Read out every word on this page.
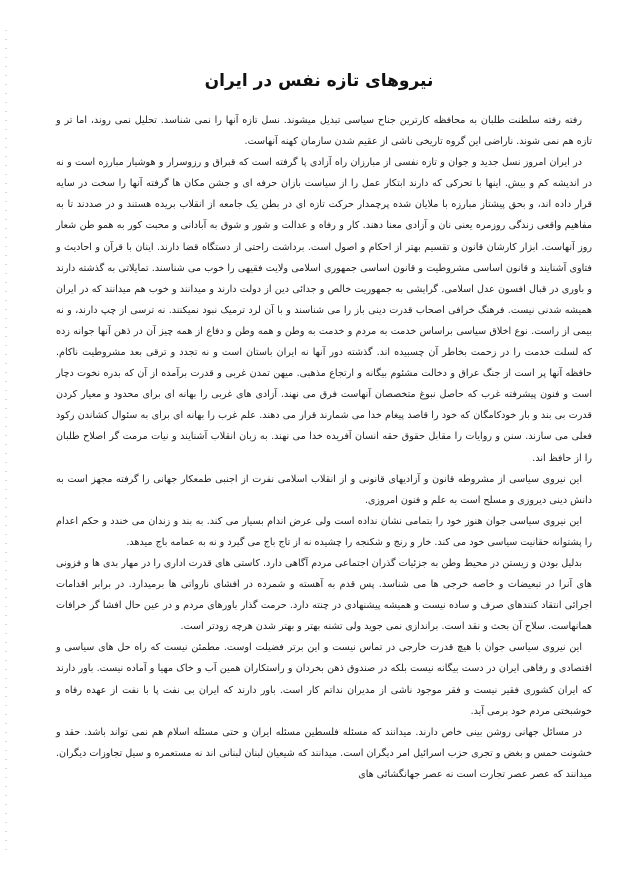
نیروهای تازه نفس در ایران

رفته رفته سلطنت طلبان به محافظه کارترین جناح سیاسی تبدیل میشوند. نسل تازه آنها را نمی شناسد. تحلیل نمی روند، اما تر و تازه هم نمی شوند. ناراضی این گروه تاریخی ناشی از عقیم شدن سازمان کهنه آنهاست.

در ایران امروز نسل جدید و جوان و تازه نفسی از مبارزان راه آزادی پا گرفته است که قبراق و رزوسرار و هوشیار مبارزه است و نه در اندیشه کم و بیش. اینها با تحرکی که دارند ابتکار عمل را از سیاست بازان حرفه ای و جشن مکان ها گرفته آنها را سخت در سایه قرار داده اند، و بحق پیشتاز مبارزه با ملایان شده پرچمدار حرکت تازه ای در بطن یک جامعه از انقلاب بریده هستند و در صددند تا به مفاهیم واقعی زندگی روزمره یعنی نان و آزادی معنا دهند. کار و رفاه و عدالت و شور و شوق به آبادانی و محبت کور به همو طن شعار روز آنهاست. ابزار کارشان قانون و تقسیم بهتر از احکام و اصول است. برداشت راحتی از دستگاه قضا دارند. اینان با قرآن و احادیث و فتاوی آشنایند و قانون اساسی مشروطیت و قانون اساسی جمهوری اسلامی ولایت فقیهی را خوب می شناسند. تمایلاتی به گذشته دارند و باوری در قبال افسون عدل اسلامی. گرایشی به جمهوریت خالص و جدائی دین از دولت دارند و میدانند و خوب هم میدانند که در ایران همیشه شدنی نیست. فرهنگ خرافی اصحاب قدرت دینی باز را می شناسند و با آن لرد ترمیک نبود نمیکنند. نه ترسی از چپ دارند، و نه بیمی از راست. نوع اخلاق سیاسی براساس خدمت به مردم و خدمت به وطن و همه وطن و دفاع از همه چیز آن در ذهن آنها جوانه زده که لسلت خدمت را در زحمت بخاطر آن چسبیده اند. گذشته دور آنها نه ایران باستان است و نه تجدد و ترقی بعد مشروطیت ناکام. حافظه آنها پر است از جنگ عراق و دخالت مشئوم بیگانه و ارتجاع مذهبی. میهن تمدن غربی و قدرت برآمده از آن که بدره نخوت دچار است و فنون پیشرفته غرب که حاصل نبوغ متخصصان آنهاست فرق می نهند. آزادی های غربی را بهانه ای برای محدود و معیار کردن قدرت بی بند و بار خودکامگان که خود را قاصد پیغام خدا می شمارند قرار می دهند. علم غرب را بهانه ای برای به سئوال کشاندن رکود فعلی می سازند. سنن و روایات را مقابل حقوق حقه انسان آفریده خدا می نهند. به زبان انقلاب آشنایند و نیات مرمت گر اصلاح طلبان را از حافظ اند.

این نیروی سیاسی از مشروطه قانون و آزادیهای قانونی و از انقلاب اسلامی نفرت از اجنبی طمعکار جهانی را گرفته مجهز است به دانش دینی دیروزی و مسلح است به علم و فنون امروزی.

این نیروی سیاسی جوان هنوز خود را بتمامی نشان نداده است ولی عرض اندام بسیار می کند. به بند و زندان می خندد و حکم اعدام را پشتوانه حقانیت سیاسی خود می کند. خار و رنج و شکنجه را چشیده نه از تاج باج می گیرد و نه به عمامه باج میدهد.

بدلیل بودن و زیستن در محیط وطن به جزئیات گذران اجتماعی مردم آگاهی دارد. کاستی های قدرت اداری را در مهار بدی ها و فزونی های آنرا در تبعیضات و خاصه خرجی ها می شناسد. پس قدم به آهسته و شمرده در افشای نارواتی ها برمیدارد. در برابر اقدامات اجرائی انتقاد کنندهای صرف و ساده نیست و همیشه پیشنهادی در چنته دارد. حرمت گذار باورهای مردم و در عین حال افشا گر خرافات همانهاست. سلاح آن بحث و نقد است. براندازی نمی جوید ولی تشنه بهتر و بهتر شدن هرچه زودتر است.

این نیروی سیاسی جوان با هیچ قدرت خارجی در تماس نیست و این برتر فضیلت اوست. مطمئن نیست که راه حل های سیاسی و اقتصادی و رفاهی ایران در دست بیگانه نیست بلکه در صندوق ذهن بخردان و راستکاران همین آب و خاک مهیا و آماده نیست. باور دارند که ایران کشوری فقیر نیست و فقر موجود ناشی از مدیران نداتم کار است. باور دارند که ایران بی نفت پا با نفت از عهده رفاه و خوشبختی مردم خود برمی آید.

در مسائل جهانی روشن بینی خاص دارند. میدانند که مسئله فلسطین مسئله ایران و حتی مسئله اسلام هم نمی تواند باشد. حقد و خشونت حمس و بغض و تجری حزب اسرائیل امر دیگران است. میدانند که شیعیان لبنان لبنانی اند نه مستعمره و سیل تجاوزات دیگران. میدانند که عصر عصر تجارت است نه عصر جهانگشائی های
